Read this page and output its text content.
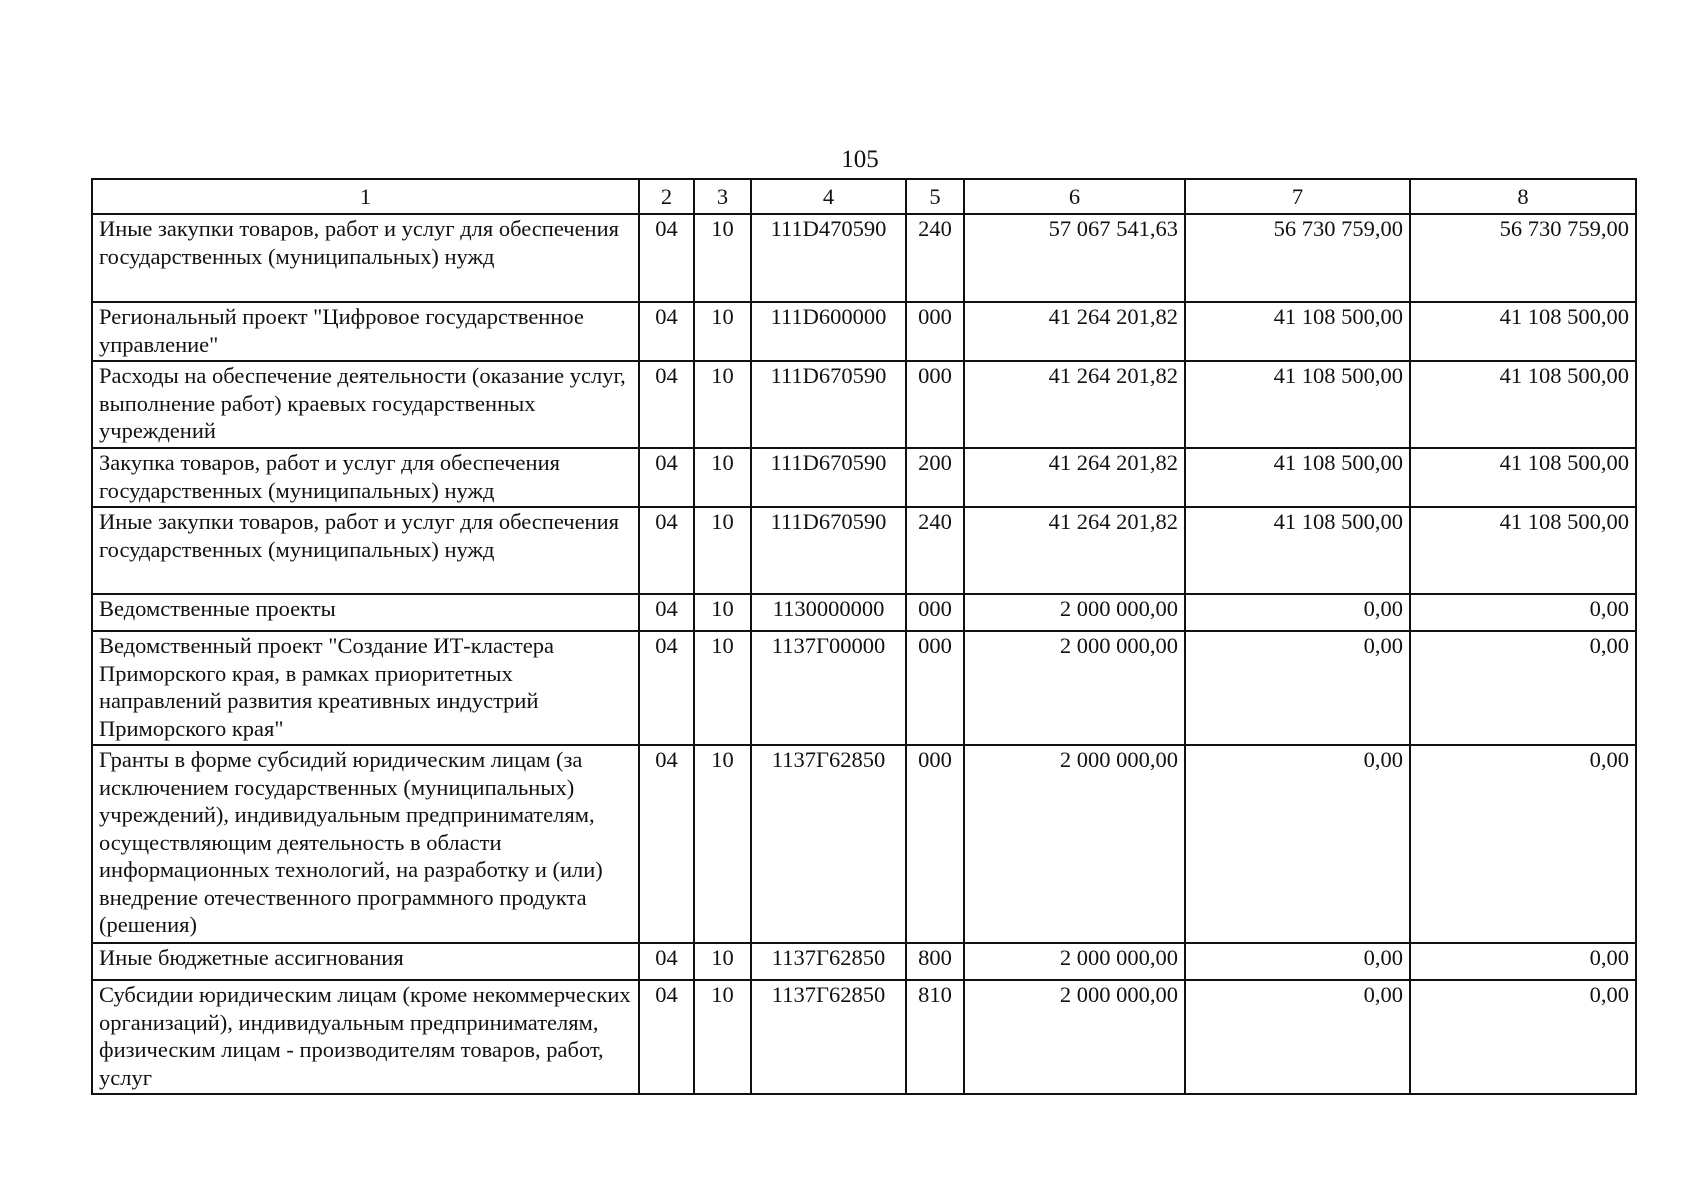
105
1	2	3	4	5	6	7	8
Иные закупки товаров, работ и услуг для обеспечения государственных (муниципальных) нужд	04	10	111D470590	240	57 067 541,63	56 730 759,00	56 730 759,00
Региональный проект "Цифровое государственное управление"	04	10	111D600000	000	41 264 201,82	41 108 500,00	41 108 500,00
Расходы на обеспечение деятельности (оказание услуг, выполнение работ) краевых государственных учреждений	04	10	111D670590	000	41 264 201,82	41 108 500,00	41 108 500,00
Закупка товаров, работ и услуг для обеспечения государственных (муниципальных) нужд	04	10	111D670590	200	41 264 201,82	41 108 500,00	41 108 500,00
Иные закупки товаров, работ и услуг для обеспечения государственных (муниципальных) нужд	04	10	111D670590	240	41 264 201,82	41 108 500,00	41 108 500,00
Ведомственные проекты	04	10	1130000000	000	2 000 000,00	0,00	0,00
Ведомственный проект "Создание ИТ-кластера Приморского края, в рамках приоритетных направлений развития креативных индустрий Приморского края"	04	10	1137Г00000	000	2 000 000,00	0,00	0,00
Гранты в форме субсидий юридическим лицам (за исключением государственных (муниципальных) учреждений), индивидуальным предпринимателям, осуществляющим деятельность в области информационных технологий, на разработку и (или) внедрение отечественного программного продукта (решения)	04	10	1137Г62850	000	2 000 000,00	0,00	0,00
Иные бюджетные ассигнования	04	10	1137Г62850	800	2 000 000,00	0,00	0,00
Субсидии юридическим лицам (кроме некоммерческих организаций), индивидуальным предпринимателям, физическим лицам - производителям товаров, работ, услуг	04	10	1137Г62850	810	2 000 000,00	0,00	0,00
